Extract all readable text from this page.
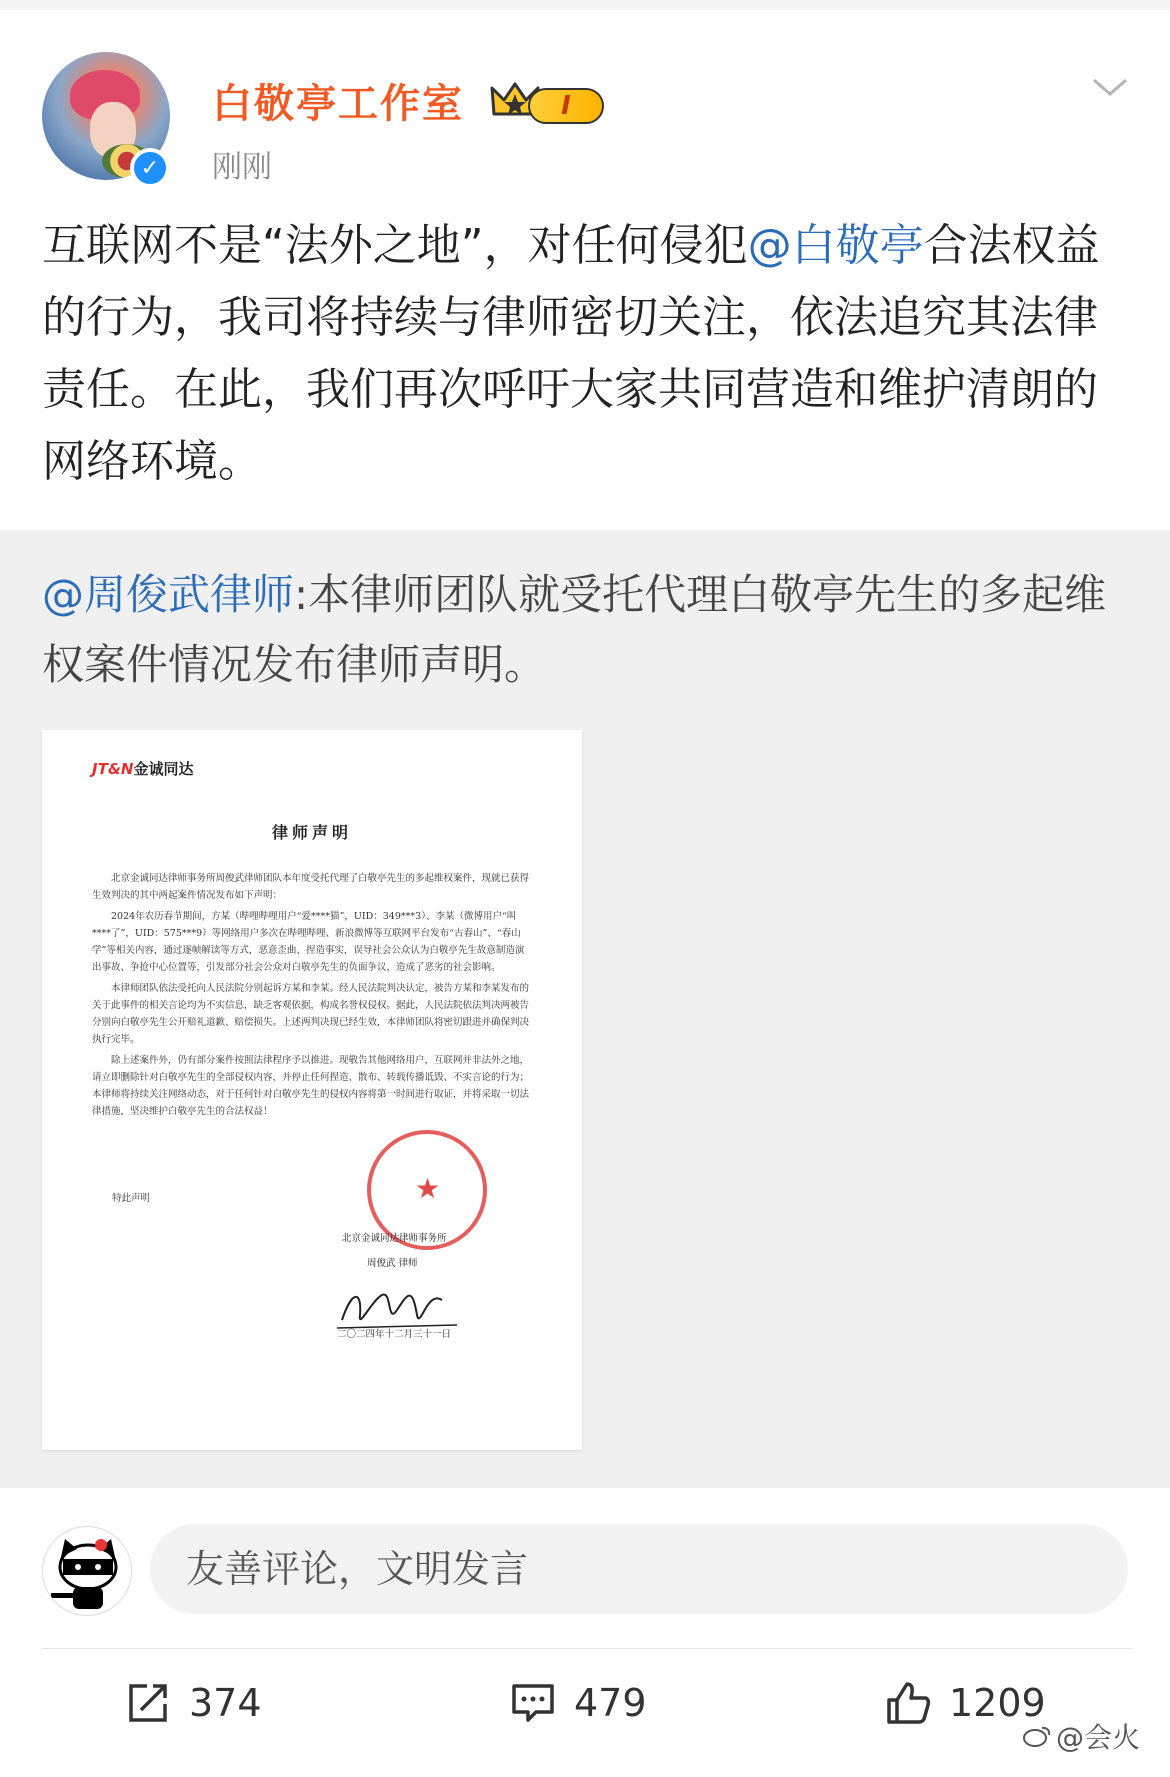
✓
白敬亭工作室	I
刚刚
互联网不是“法外之地”，对任何侵犯@白敬亭合法权益的行为，我司将持续与律师密切关注，依法追究其法律责任。在此，我们再次呼吁大家共同营造和维护清朗的网络环境。
@周俊武律师:本律师团队就受托代理白敬亭先生的多起维权案件情况发布律师声明。
JT&N金诚同达
律师声明

北京金诚同达律师事务所周俊武律师团队本年度受托代理了白敬亭先生的多起维权案件，现就已获得生效判决的其中两起案件情况发布如下声明：

2024年农历春节期间，方某（哔哩哔哩用户“爱****猫”，UID：349***3）、李某（微博用户“叫****了”，UID：575***9）等网络用户多次在哔哩哔哩、新浪微博等互联网平台发布“古春山”、“春山学”等相关内容，通过逐帧解读等方式，恶意歪曲、捏造事实，误导社会公众认为白敬亭先生故意制造演出事故、争抢中心位置等，引发部分社会公众对白敬亭先生的负面争议，造成了恶劣的社会影响。

本律师团队依法受托向人民法院分别起诉方某和李某。经人民法院判决认定，被告方某和李某发布的关于此事件的相关言论均为不实信息，缺乏客观依据，构成名誉权侵权。据此，人民法院依法判决两被告分别向白敬亭先生公开赔礼道歉、赔偿损失。上述两判决现已经生效，本律师团队将密切跟进并确保判决执行完毕。

除上述案件外，仍有部分案件按照法律程序予以推进。现敬告其他网络用户，互联网并非法外之地，请立即删除针对白敬亭先生的全部侵权内容，并停止任何捏造、散布、转载传播诋毁、不实言论的行为；本律师将持续关注网络动态，对于任何针对白敬亭先生的侵权内容将第一时间进行取证，并将采取一切法律措施，坚决维护白敬亭先生的合法权益！

特此声明	★
北京金诚同达律师事务所
周俊武 律师
二〇二四年十二月三十一日
友善评论，文明发言
374	479	1209
@会火
